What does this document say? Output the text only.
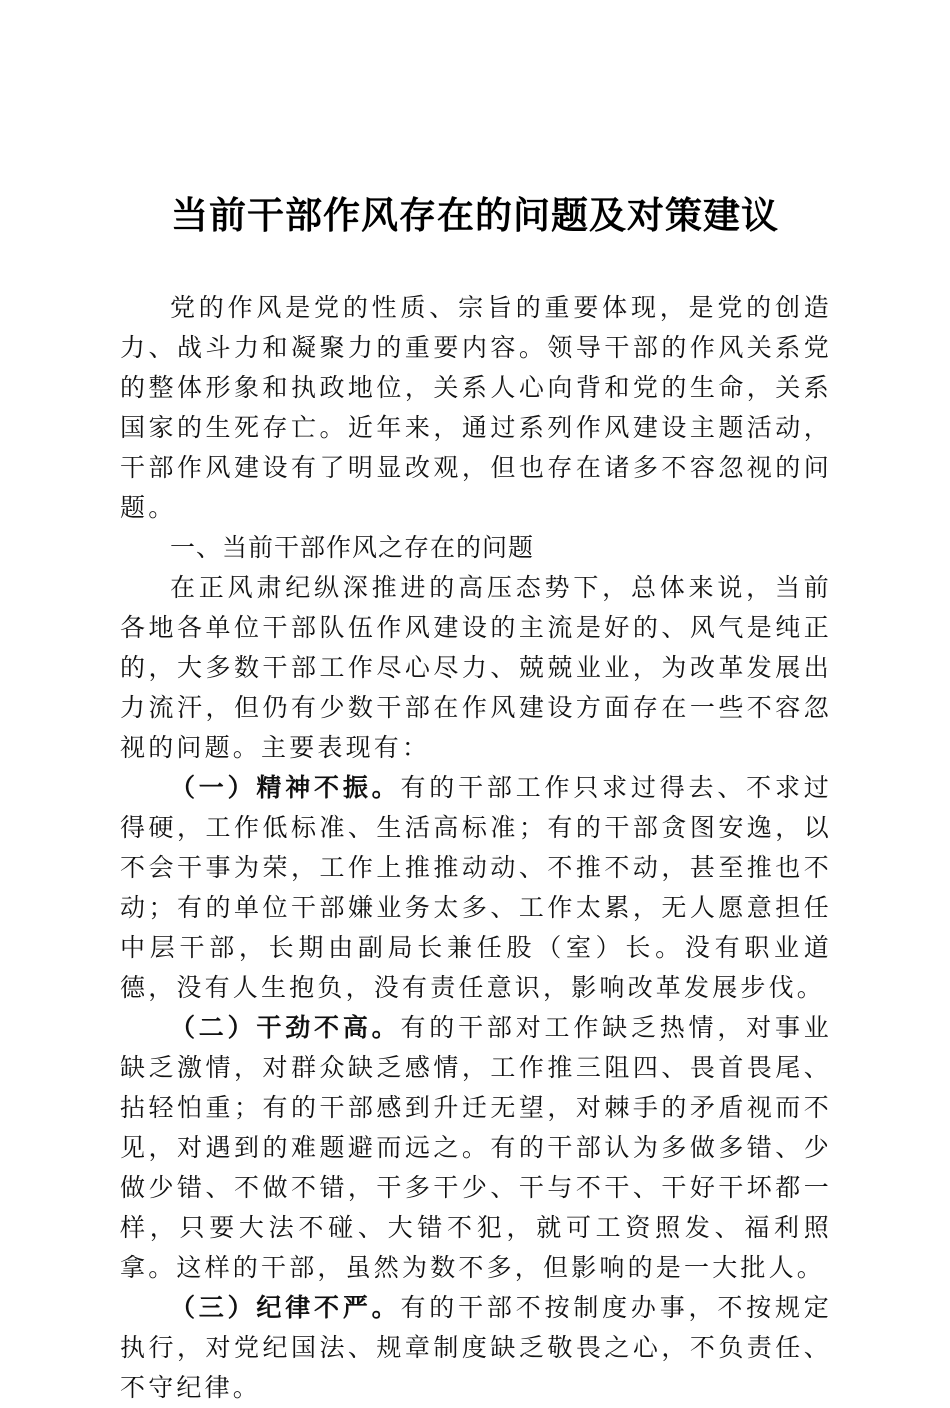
当前干部作风存在的问题及对策建议

党的作风是党的性质、宗旨的重要体现，是党的创造力、战斗力和凝聚力的重要内容。领导干部的作风关系党的整体形象和执政地位，关系人心向背和党的生命，关系国家的生死存亡。近年来，通过系列作风建设主题活动，干部作风建设有了明显改观，但也存在诸多不容忽视的问题。

一、当前干部作风之存在的问题

在正风肃纪纵深推进的高压态势下，总体来说，当前各地各单位干部队伍作风建设的主流是好的、风气是纯正的，大多数干部工作尽心尽力、兢兢业业，为改革发展出力流汗，但仍有少数干部在作风建设方面存在一些不容忽视的问题。主要表现有：

（一）精神不振。有的干部工作只求过得去、不求过得硬，工作低标准、生活高标准；有的干部贪图安逸，以不会干事为荣，工作上推推动动、不推不动，甚至推也不动；有的单位干部嫌业务太多、工作太累，无人愿意担任中层干部，长期由副局长兼任股（室）长。没有职业道德，没有人生抱负，没有责任意识，影响改革发展步伐。

（二）干劲不高。有的干部对工作缺乏热情，对事业缺乏激情，对群众缺乏感情，工作推三阻四、畏首畏尾、拈轻怕重；有的干部感到升迁无望，对棘手的矛盾视而不见，对遇到的难题避而远之。有的干部认为多做多错、少做少错、不做不错，干多干少、干与不干、干好干坏都一样，只要大法不碰、大错不犯，就可工资照发、福利照拿。这样的干部，虽然为数不多，但影响的是一大批人。

（三）纪律不严。有的干部不按制度办事，不按规定执行，对党纪国法、规章制度缺乏敬畏之心，不负责任、不守纪律。
